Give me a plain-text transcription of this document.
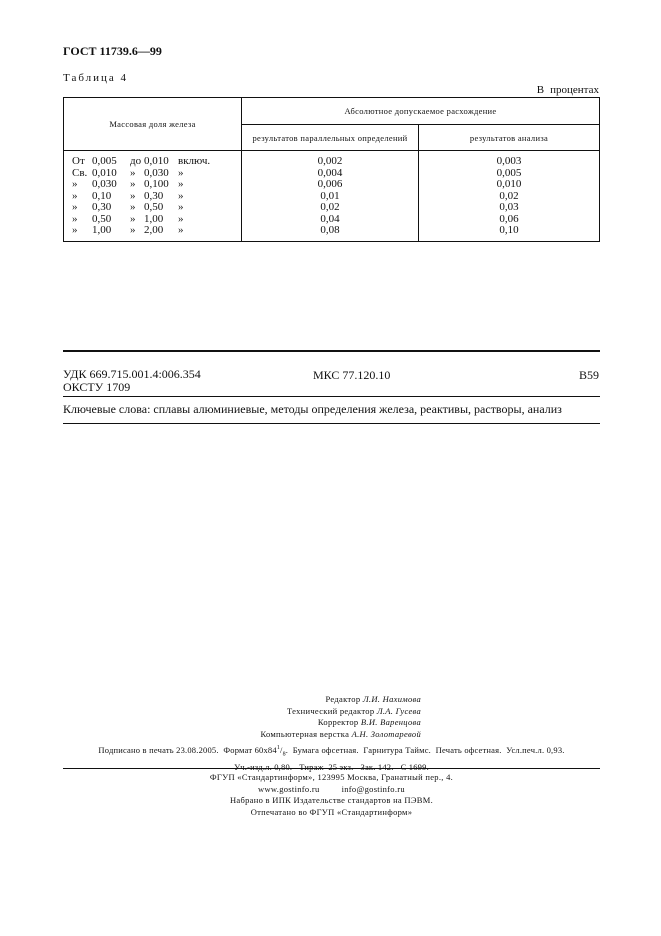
ГОСТ 11739.6—99
Таблица 4
В процентах
Массовая доля железа	Абсолютное допускаемое расхождение	
	результатов параллельных определений	результатов анализа
От 0,005 до 0,010 включ.	0,002	0,003
Св. 0,010 » 0,030 »	0,004	0,005
» 0,030 » 0,100 »	0,006	0,010
» 0,10 » 0,30 »	0,01	0,02
» 0,30 » 0,50 »	0,02	0,03
» 0,50 » 1,00 »	0,04	0,06
» 1,00 » 2,00 »	0,08	0,10
УДК 669.715.001.4:006.354
ОКСТУ 1709
МКС 77.120.10	В59
Ключевые слова: сплавы алюминиевые, методы определения железа, реактивы, растворы, анализ
Редактор Л.И. Нахимова
Технический редактор Л.А. Гусева
Корректор В.И. Варенцова
Компьютерная верстка А.Н. Золотаревой
Подписано в печать 23.08.2005. Формат $60x84^1/_8$. Бумага офсетная. Гарнитура Таймс. Печать офсетная. Усл.печ.л. 0,93.
Уч.-изд.л. 0,80. Тираж 25 экз. Зак. 142. С 1699.
ФГУП «Стандартинформ», 123995 Москва, Гранатный пер., 4.
www.gostinfo.ru	info@gostinfo.ru
Набрано в ИПК Издательстве стандартов на ПЭВМ.
Отпечатано во ФГУП «Стандартинформ»
